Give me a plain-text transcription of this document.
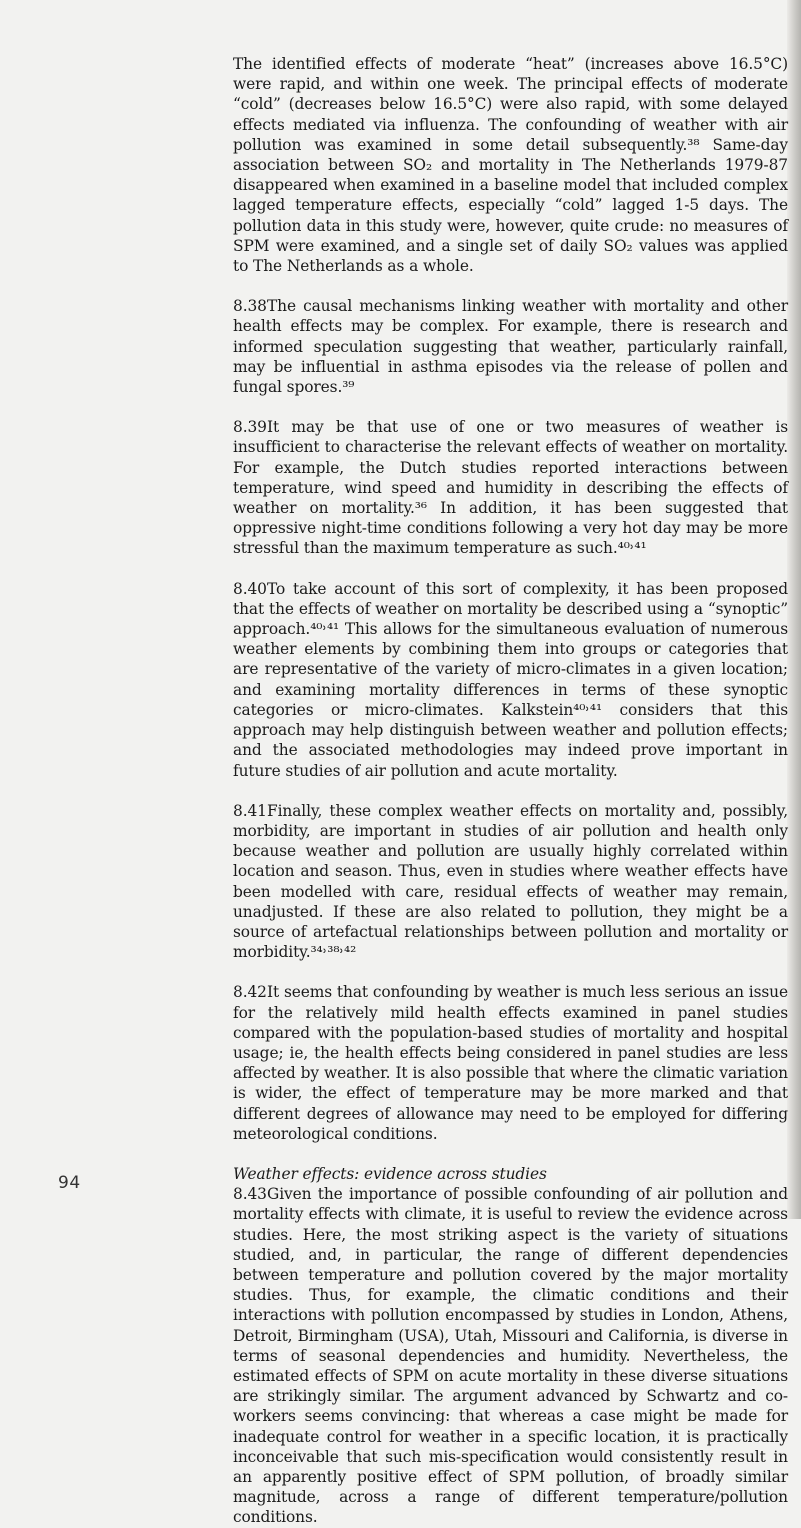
The identified effects of moderate “heat” (increases above 16.5°C) were rapid, and within one week. The principal effects of moderate “cold” (decreases below 16.5°C) were also rapid, with some delayed effects mediated via influenza. The confounding of weather with air pollution was examined in some detail subsequently.³⁸ Same-day association between SO₂ and mortality in The Netherlands 1979-87 disappeared when examined in a baseline model that included complex lagged temperature effects, especially “cold” lagged 1-5 days. The pollution data in this study were, however, quite crude: no measures of SPM were examined, and a single set of daily SO₂ values was applied to The Netherlands as a whole.

8.38The causal mechanisms linking weather with mortality and other health effects may be complex. For example, there is research and informed speculation suggesting that weather, particularly rainfall, may be influential in asthma episodes via the release of pollen and fungal spores.³⁹

8.39It may be that use of one or two measures of weather is insufficient to characterise the relevant effects of weather on mortality. For example, the Dutch studies reported interactions between temperature, wind speed and humidity in describing the effects of weather on mortality.³⁶ In addition, it has been suggested that oppressive night-time conditions following a very hot day may be more stressful than the maximum temperature as such.⁴⁰˒⁴¹

8.40To take account of this sort of complexity, it has been proposed that the effects of weather on mortality be described using a “synoptic” approach.⁴⁰˒⁴¹ This allows for the simultaneous evaluation of numerous weather elements by combining them into groups or categories that are representative of the variety of micro-climates in a given location; and examining mortality differences in terms of these synoptic categories or micro-climates. Kalkstein⁴⁰˒⁴¹ considers that this approach may help distinguish between weather and pollution effects; and the associated methodologies may indeed prove important in future studies of air pollution and acute mortality.

8.41Finally, these complex weather effects on mortality and, possibly, morbidity, are important in studies of air pollution and health only because weather and pollution are usually highly correlated within location and season. Thus, even in studies where weather effects have been modelled with care, residual effects of weather may remain, unadjusted. If these are also related to pollution, they might be a source of artefactual relationships between pollution and mortality or morbidity.³⁴˒³⁸˒⁴²

8.42It seems that confounding by weather is much less serious an issue for the relatively mild health effects examined in panel studies compared with the population-based studies of mortality and hospital usage; ie, the health effects being considered in panel studies are less affected by weather. It is also possible that where the climatic variation is wider, the effect of temperature may be more marked and that different degrees of allowance may need to be employed for differing meteorological conditions.

Weather effects: evidence across studies

8.43Given the importance of possible confounding of air pollution and mortality effects with climate, it is useful to review the evidence across studies. Here, the most striking aspect is the variety of situations studied, and, in particular, the range of different dependencies between temperature and pollution covered by the major mortality studies. Thus, for example, the climatic conditions and their interactions with pollution encompassed by studies in London, Athens, Detroit, Birmingham (USA), Utah, Missouri and California, is diverse in terms of seasonal dependencies and humidity. Nevertheless, the estimated effects of SPM on acute mortality in these diverse situations are strikingly similar. The argument advanced by Schwartz and co-workers seems convincing: that whereas a case might be made for inadequate control for weather in a specific location, it is practically inconceivable that such mis-specification would consistently result in an apparently positive effect of SPM pollution, of broadly similar magnitude, across a range of different temperature/pollution conditions.

94
